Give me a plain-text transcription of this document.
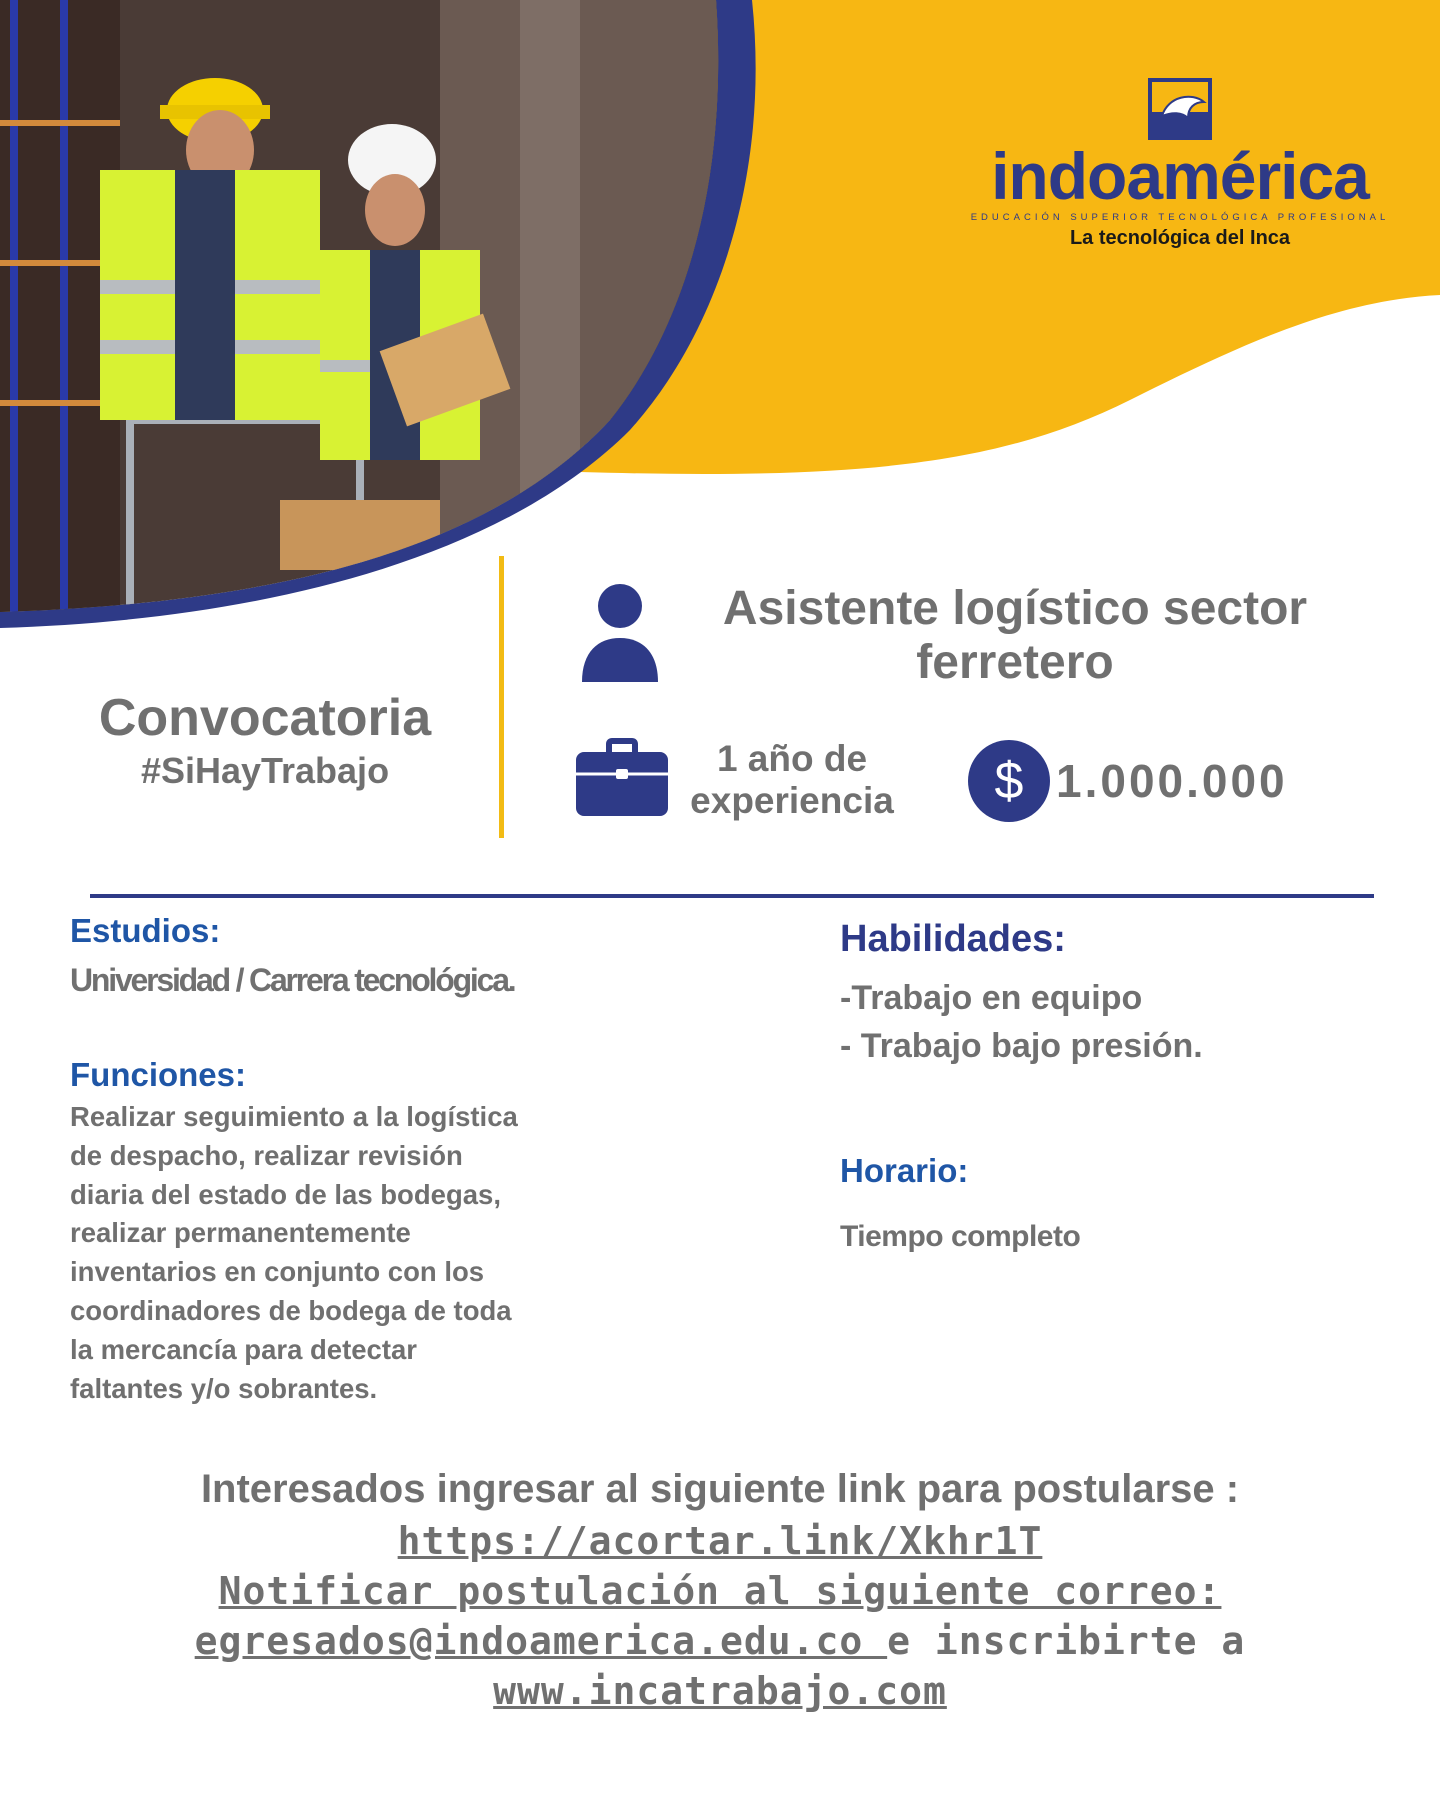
indoamérica
EDUCACIÓN SUPERIOR TECNOLÓGICA PROFESIONAL
La tecnológica del Inca
Convocatoria
#SiHayTrabajo
Asistente logístico sector ferretero
1 año de experiencia	$ 1.000.000
Estudios:
Universidad / Carrera tecnológica.
Funciones:
Realizar seguimiento a la logística
de despacho, realizar revisión
diaria del estado de las bodegas,
realizar permanentemente
inventarios en conjunto con los
coordinadores de bodega de toda
la mercancía para detectar
faltantes y/o sobrantes.
Habilidades:
-Trabajo en equipo
- Trabajo bajo presión.
Horario:
Tiempo completo
Interesados ingresar al siguiente link para postularse :
https://acortar.link/Xkhr1T
Notificar postulación al siguiente correo:
egresados@indoamerica.edu.co e inscribirte a
www.incatrabajo.com
